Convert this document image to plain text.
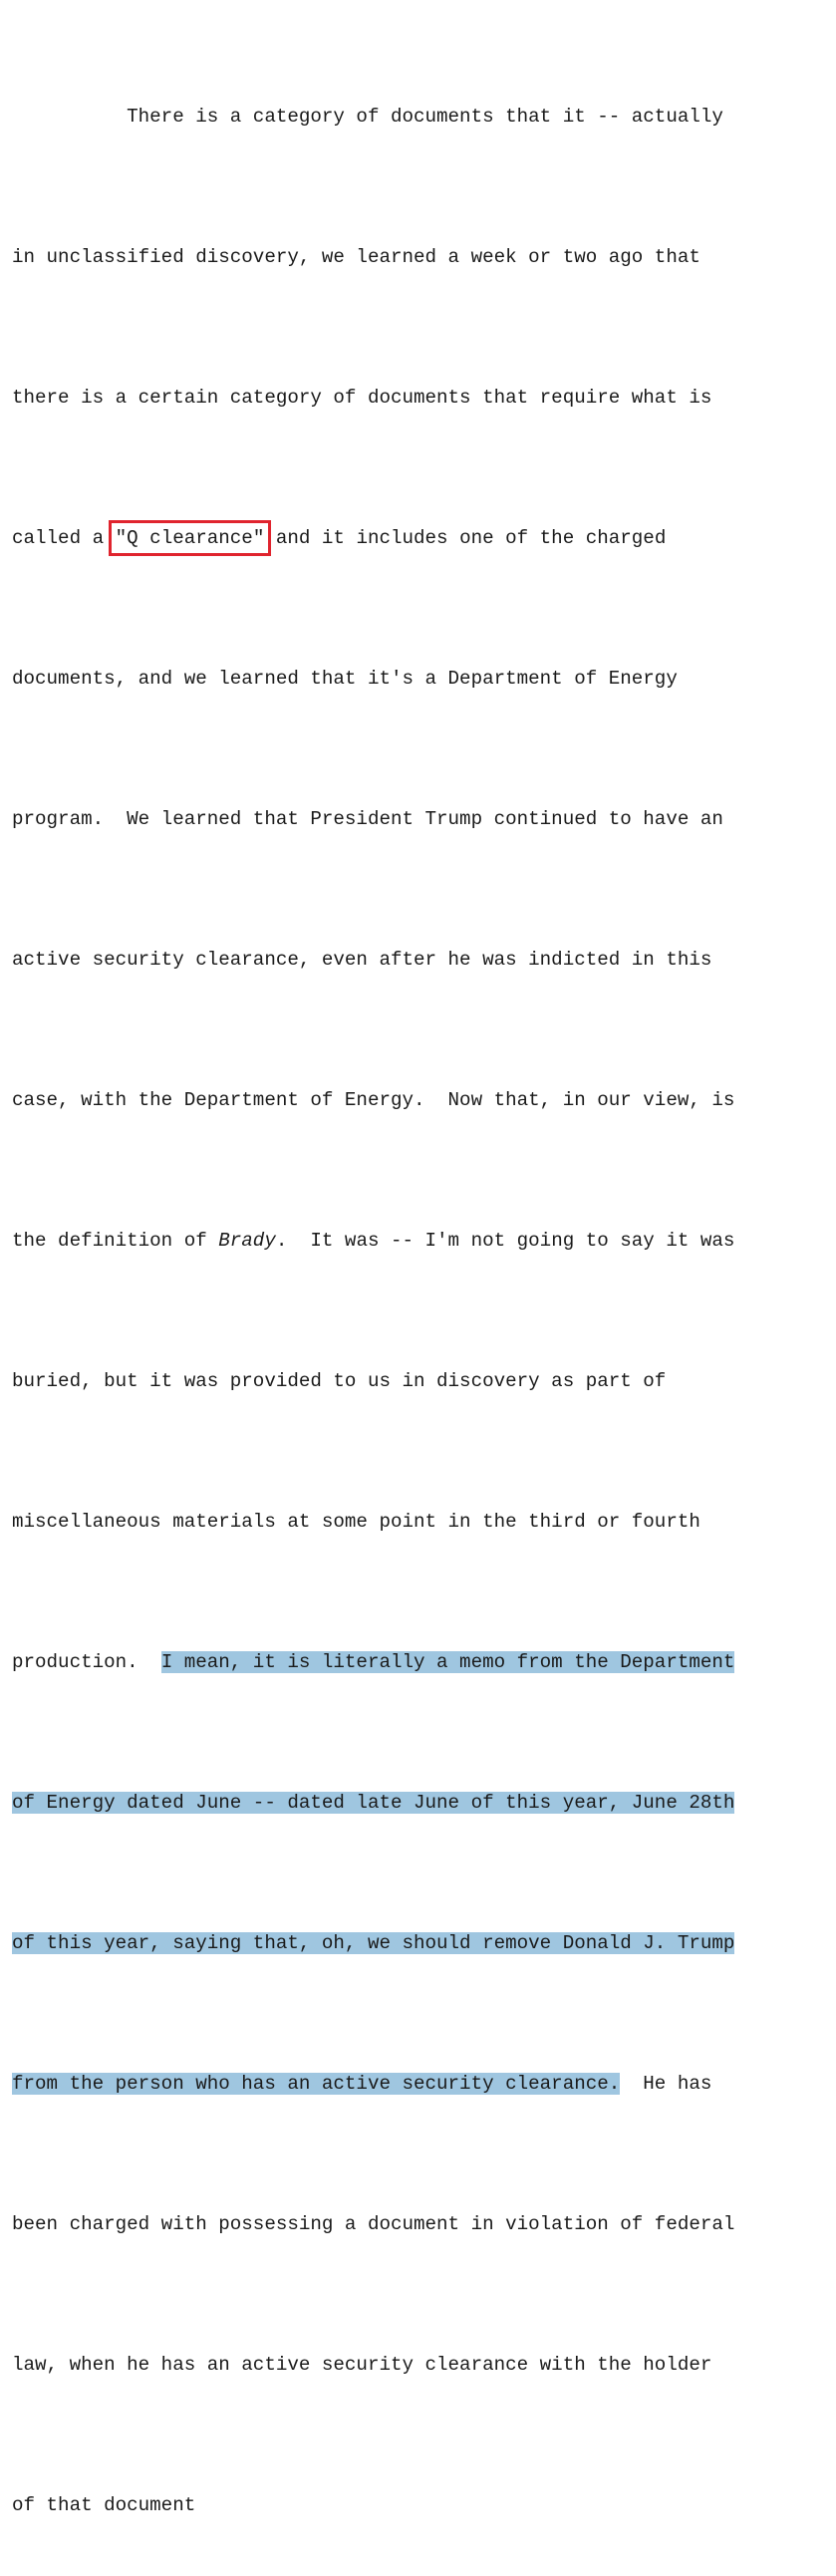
There is a category of documents that it -- actually

in unclassified discovery, we learned a week or two ago that

there is a certain category of documents that require what is

called a "Q clearance" and it includes one of the charged

documents, and we learned that it's a Department of Energy

program.  We learned that President Trump continued to have an

active security clearance, even after he was indicted in this

case, with the Department of Energy.  Now that, in our view, is

the definition of Brady.  It was -- I'm not going to say it was

buried, but it was provided to us in discovery as part of

miscellaneous materials at some point in the third or fourth

production.  I mean, it is literally a memo from the Department

of Energy dated June -- dated late June of this year, June 28th

of this year, saying that, oh, we should remove Donald J. Trump

from the person who has an active security clearance.  He has

been charged with possessing a document in violation of federal

law, when he has an active security clearance with the holder

of that document
